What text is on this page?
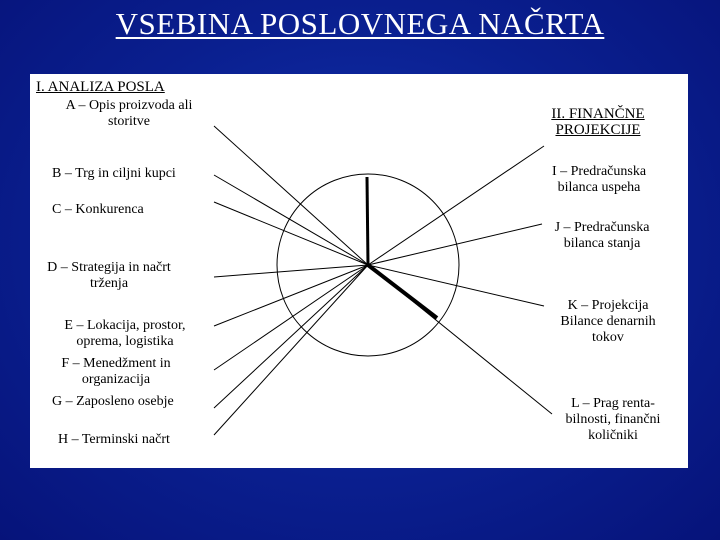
VSEBINA POSLOVNEGA NAČRTA
I. ANALIZA POSLA
A – Opis proizvoda ali
storitve
B – Trg in ciljni kupci
C – Konkurenca
D – Strategija in načrt
trženja
E – Lokacija, prostor,
oprema, logistika
F – Menedžment in
organizacija
G – Zaposleno osebje
H – Terminski načrt
II. FINANČNE
PROJEKCIJE
I – Predračunska
bilanca uspeha
J – Predračunska
bilanca stanja
K – Projekcija
Bilance denarnih
tokov
L – Prag renta-
bilnosti, finančni
količniki
